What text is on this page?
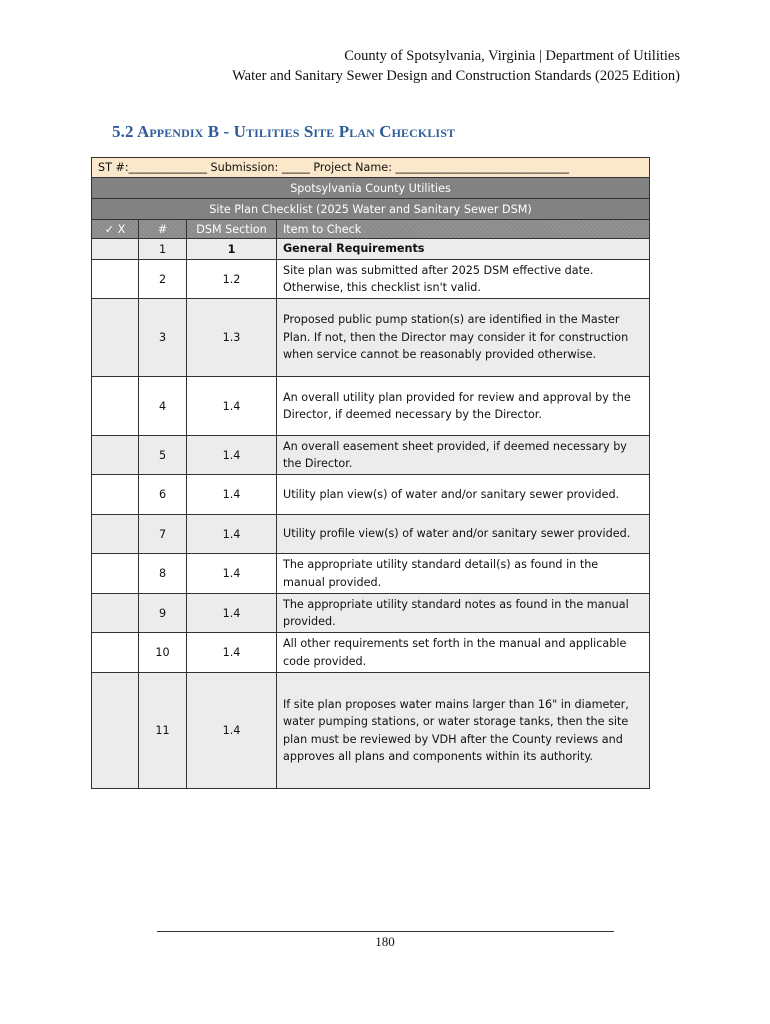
County of Spotsylvania, Virginia | Department of Utilities
Water and Sanitary Sewer Design and Construction Standards (2025 Edition)
5.2 Appendix B - Utilities Site Plan Checklist
ST #:______________ Submission: _____ Project Name: _______________________________			
Spotsylvania County Utilities			
Site Plan Checklist (2025 Water and Sanitary Sewer DSM)			
✓ X	#	DSM Section	Item to Check
	1	1	General Requirements
	2	1.2	Site plan was submitted after 2025 DSM effective date. Otherwise, this checklist isn't valid.
	3	1.3	Proposed public pump station(s) are identified in the Master Plan. If not, then the Director may consider it for construction when service cannot be reasonably provided otherwise.
	4	1.4	An overall utility plan provided for review and approval by the Director, if deemed necessary by the Director.
	5	1.4	An overall easement sheet provided, if deemed necessary by the Director.
	6	1.4	Utility plan view(s) of water and/or sanitary sewer provided.
	7	1.4	Utility profile view(s) of water and/or sanitary sewer provided.
	8	1.4	The appropriate utility standard detail(s) as found in the manual provided.
	9	1.4	The appropriate utility standard notes as found in the manual provided.
	10	1.4	All other requirements set forth in the manual and applicable code provided.
	11	1.4	If site plan proposes water mains larger than 16" in diameter, water pumping stations, or water storage tanks, then the site plan must be reviewed by VDH after the County reviews and approves all plans and components within its authority.
180
